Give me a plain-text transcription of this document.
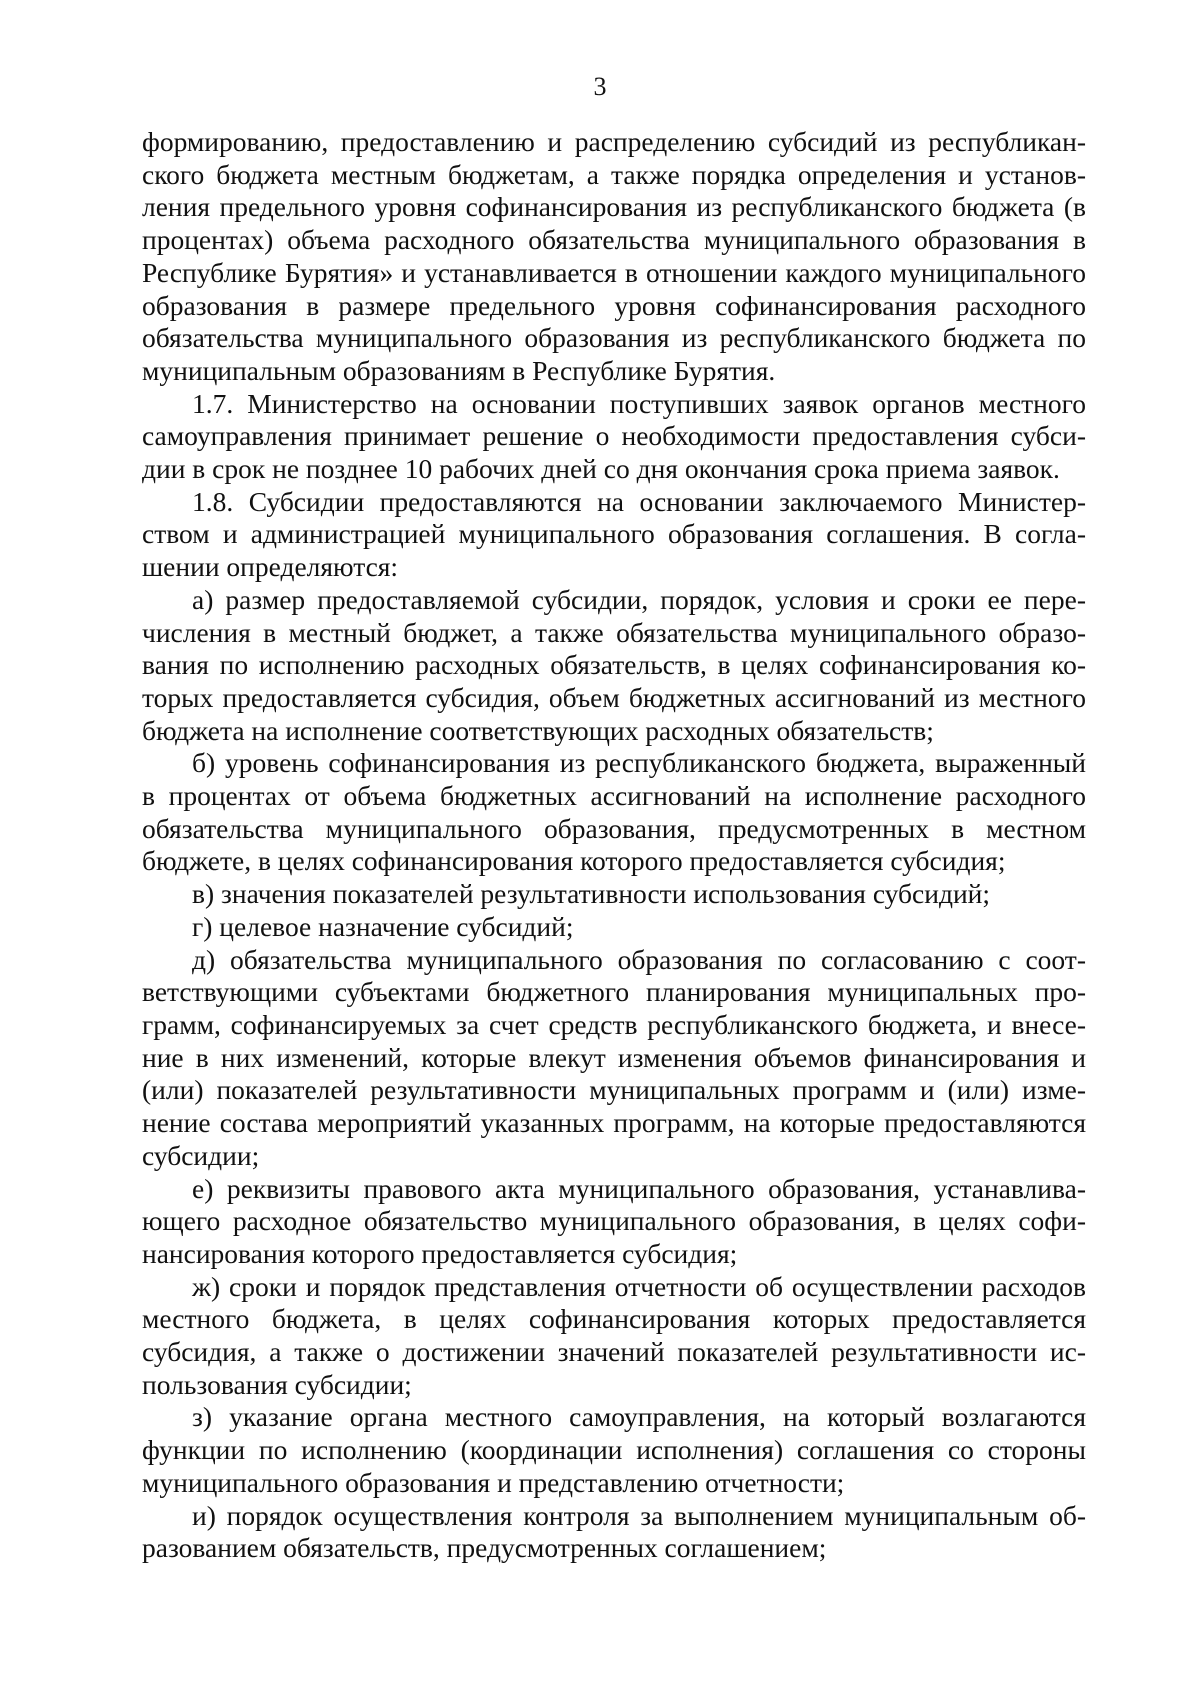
3

формированию, предоставлению и распределению субсидий из республиканского бюджета местным бюджетам, а также порядка определения и установления предельного уровня софинансирования из республиканского бюджета (в процентах) объема расходного обязательства муниципального образования в Республике Бурятия» и устанавливается в отношении каждого муниципального образования в размере предельного уровня софинансирования расходного обязательства муниципального образования из республиканского бюджета по муниципальным образованиям в Республике Бурятия.

1.7. Министерство на основании поступивших заявок органов местного самоуправления принимает решение о необходимости предоставления субсидии в срок не позднее 10 рабочих дней со дня окончания срока приема заявок.

1.8. Субсидии предоставляются на основании заключаемого Министерством и администрацией муниципального образования соглашения. В соглашении определяются:

а) размер предоставляемой субсидии, порядок, условия и сроки ее перечисления в местный бюджет, а также обязательства муниципального образования по исполнению расходных обязательств, в целях софинансирования которых предоставляется субсидия, объем бюджетных ассигнований из местного бюджета на исполнение соответствующих расходных обязательств;

б) уровень софинансирования из республиканского бюджета, выраженный в процентах от объема бюджетных ассигнований на исполнение расходного обязательства муниципального образования, предусмотренных в местном бюджете, в целях софинансирования которого предоставляется субсидия;

в) значения показателей результативности использования субсидий;

г) целевое назначение субсидий;

д) обязательства муниципального образования по согласованию с соответствующими субъектами бюджетного планирования муниципальных программ, софинансируемых за счет средств республиканского бюджета, и внесение в них изменений, которые влекут изменения объемов финансирования и (или) показателей результативности муниципальных программ и (или) изменение состава мероприятий указанных программ, на которые предоставляются субсидии;

е) реквизиты правового акта муниципального образования, устанавливающего расходное обязательство муниципального образования, в целях софинансирования которого предоставляется субсидия;

ж) сроки и порядок представления отчетности об осуществлении расходов местного бюджета, в целях софинансирования которых предоставляется субсидия, а также о достижении значений показателей результативности использования субсидии;

з) указание органа местного самоуправления, на который возлагаются функции по исполнению (координации исполнения) соглашения со стороны муниципального образования и представлению отчетности;

и) порядок осуществления контроля за выполнением муниципальным образованием обязательств, предусмотренных соглашением;
